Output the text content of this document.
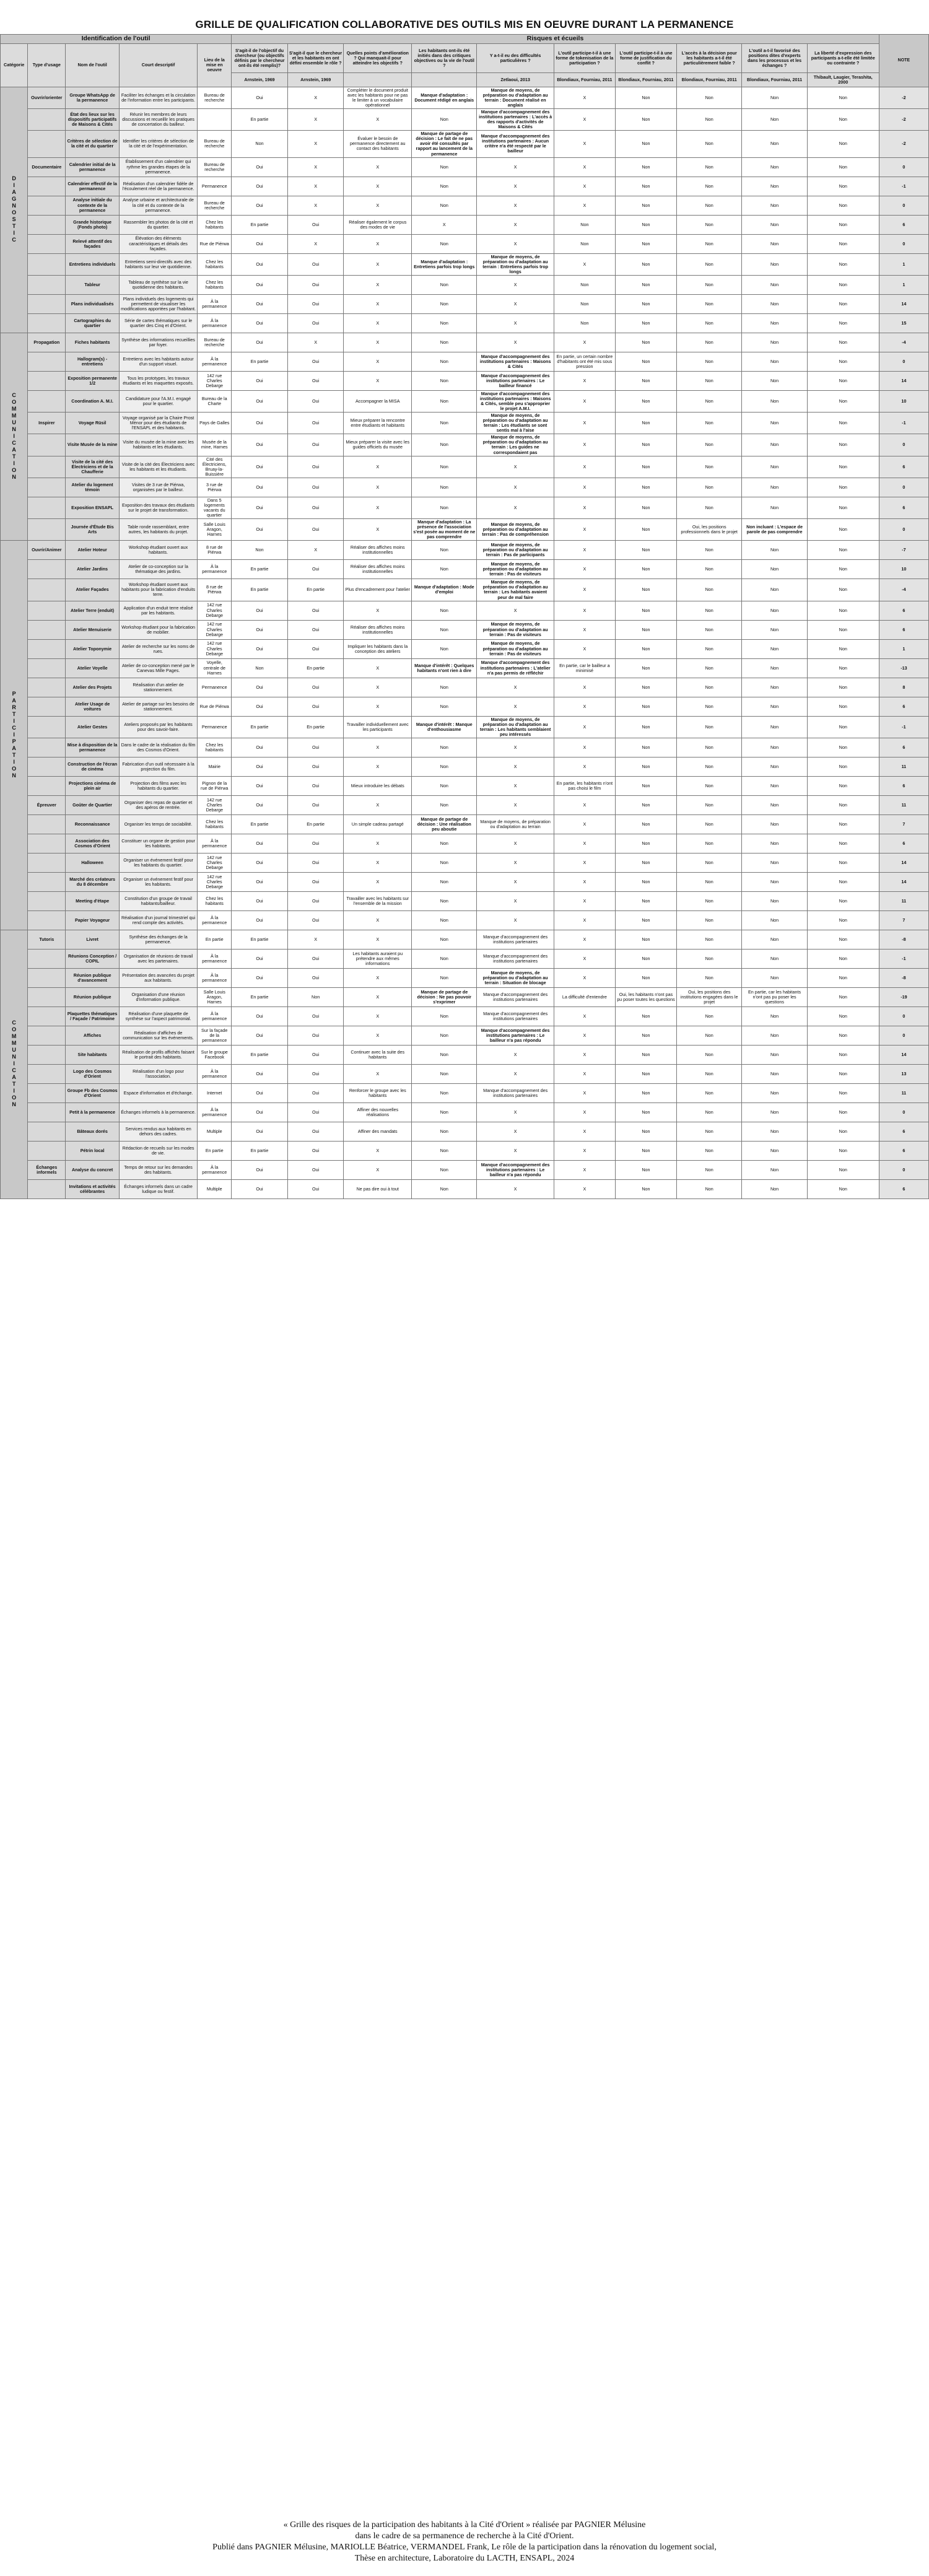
GRILLE DE QUALIFICATION COLLABORATIVE DES OUTILS MIS EN OEUVRE DURANT LA PERMANENCE
Identification de l'outil					Risques et écueils										NOTE
Catégorie	Type d'usage	Nom de l'outil	Court descriptif	Lieu de la mise en oeuvre	S'agit-il de l'objectif du chercheur (ou objectifs définis par le chercheur ont-ils été remplis)?	S'agit-il que le chercheur et les habitants en ont défini ensemble le rôle ?	Quelles points d'amélioration ? Qui manquait-il pour atteindre les objectifs ?	Les habitants ont-ils été initiés dans des critiques objectives ou la vie de l'outil ?	Y a-t-il eu des difficultés particulières ?	L'outil participe-t-il à une forme de tokenisation de la participation ?	L'outil participe-t-il à une forme de justification du conflit ?	L'accès à la décision pour les habitants a-t-il été particulièrement faible ?	L'outil a-t-il favorisé des positions dites d'experts dans les processus et les échanges ?	La liberté d'expression des participants a-t-elle été limitée ou contrainte ?	
					Arnstein, 1969	Arnstein, 1969			Zetlaoui, 2013	Blondiaux, Fourniau, 2011	Blondiaux, Fourniau, 2011	Blondiaux, Fourniau, 2011	Blondiaux, Fourniau, 2011	Thibault, Laugier, Terashita, 2000	
DIAGNOSTIC	Ouvrir/orienter	Groupe WhatsApp de la permanence	Faciliter les échanges et la circulation de l'information entre les participants.	Bureau de recherche	Oui	X	Compléter le document produit avec les habitants pour ne pas le limiter à un vocabulaire opérationnel	Manque d'adaptation : Document rédigé en anglais	Manque de moyens, de préparation ou d'adaptation au terrain : Document réalisé en anglais	X	Non	Non	Non	Non	-2
		État des lieux sur les dispositifs participatifs de Maisons & Cités	Réunir les membres de leurs discussions et recueillir les pratiques de concertation du bailleur.		En partie	X	X	Non	Manque d'accompagnement des institutions partenaires : L'accès à des rapports d'activités de Maisons & Cités	X	Non	Non	Non	Non	-2
		Critères de sélection de la cité et du quartier	Identifier les critères de sélection de la cité et de l'expérimentation.	Bureau de recherche	Non	X	Évaluer le besoin de permanence directement au contact des habitants	Manque de partage de décision : Le fait de ne pas avoir été consultés par rapport au lancement de la permanence	Manque d'accompagnement des institutions partenaires : Aucun critère n'a été respecté par le bailleur	X	Non	Non	Non	Non	-2
	Documentaire	Calendrier initial de la permanence	Établissement d'un calendrier qui rythme les grandes étapes de la permanence.	Bureau de recherche	Oui	X	X	Non	X	X	Non	Non	Non	Non	0
		Calendrier effectif de la permanence	Réalisation d'un calendrier fidèle de l'écoulement réel de la permanence.	Permanence	Oui	X	X	Non	X	X	Non	Non	Non	Non	-1
		Analyse initiale du contexte de la permanence	Analyse urbaine et architecturale de la cité et du contexte de la permanence.	Bureau de recherche	Oui	X	X	Non	X	X	Non	Non	Non	Non	0
		Grande historique (Fonds photo)	Rassembler les photos de la cité et du quartier.	Chez les habitants	En partie	Oui	Réaliser également le corpus des modes de vie	X	X	Non	Non	Non	Non	Non	6
		Relevé attentif des façades	Élévation des éléments caractéristiques et détails des façades.	Rue de Piérwa	Oui	X	X	Non	X	Non	Non	Non	Non	Non	0
		Entretiens individuels	Entretiens semi-directifs avec des habitants sur leur vie quotidienne.	Chez les habitants	Oui	Oui	X	Manque d'adaptation : Entretiens parfois trop longs	Manque de moyens, de préparation ou d'adaptation au terrain : Entretiens parfois trop longs	X	Non	Non	Non	Non	1
		Tableur	Tableau de synthèse sur la vie quotidienne des habitants.	Chez les habitants	Oui	Oui	X	Non	X	Non	Non	Non	Non	Non	1
		Plans individualisés	Plans individuels des logements qui permettent de visualiser les modifications apportées par l'habitant.	À la permanence	Oui	Oui	X	Non	X	Non	Non	Non	Non	Non	14
		Cartographies du quartier	Série de cartes thématiques sur le quartier des Cinq et d'Orient.	À la permanence	Oui	Oui	X	Non	X	Non	Non	Non	Non	Non	15
COMMUNICATION	Propagation	Fiches habitants	Synthèse des informations recueillies par foyer.	Bureau de recherche	Oui	X	X	Non	X	X	Non	Non	Non	Non	-4
		Hallogram(s) - entretiens	Entretiens avec les habitants autour d'un support visuel.	À la permanence	En partie	Oui	X	Non	Manque d'accompagnement des institutions partenaires : Maisons & Cités	En partie, un certain nombre d'habitants ont été mis sous pression	Non	Non	Non	Non	0
		Exposition permanente 1/2	Tous les prototypes, les travaux étudiants et les maquettes exposés.	142 rue Charles Debarge	Oui	Oui	X	Non	Manque d'accompagnement des institutions partenaires : Le bailleur financé	X	Non	Non	Non	Non	14
		Coordination A. M.I.	Candidature pour l'A.M.I. engagé pour le quartier.	Bureau de la Charte	Oui	Oui	Accompagner la MISA	Non	Manque d'accompagnement des institutions partenaires : Maisons & Cités, semble peu s'approprier le projet A.M.I.	X	Non	Non	Non	Non	10
	Inspirer	Voyage Rüsil	Voyage organisé par la Chaire Prost Ménor pour des étudiants de l'ENSAPL et des habitants.	Pays de Galles	Oui	Oui	Mieux préparer la rencontre entre étudiants et habitants	Non	Manque de moyens, de préparation ou d'adaptation au terrain : Les étudiants se sont sentis mal à l'aise	X	Non	Non	Non	Non	-1
		Visite Musée de la mine	Visite du musée de la mine avec les habitants et les étudiants.	Musée de la mine, Harnes	Oui	Oui	Mieux préparer la visite avec les guides officiels du musée	Non	Manque de moyens, de préparation ou d'adaptation au terrain : Les guides ne correspondaient pas	X	Non	Non	Non	Non	0
		Visite de la cité des Électriciens et de la Chaufferie	Visite de la cité des Électriciens avec les habitants et les étudiants.	Cité des Électriciens, Bruay-la-Buissière	Oui	Oui	X	Non	X	X	Non	Non	Non	Non	6
		Atelier du logement témoin	Visites de 3 rue de Piérwa, organisées par le bailleur.	3 rue de Piérwa	Oui	Oui	X	Non	X	X	Non	Non	Non	Non	0
		Exposition ENSAPL	Exposition des travaux des étudiants sur le projet de transformation.	Dans 5 logements vacants du quartier	Oui	Oui	X	Non	X	X	Non	Non	Non	Non	6
		Journée d'Étude Bis Arts	Table ronde rassemblant, entre autres, les habitants du projet.	Salle Louis Aragon, Harnes	Oui	Oui	X	Manque d'adaptation : La présence de l'association s'est posée au moment de ne pas comprendre	Manque de moyens, de préparation ou d'adaptation au terrain : Pas de compréhension	X	Non	Oui, les positions professionnels dans le projet	Non incluant : L'espace de parole de pas comprendre	Non	0
PARTICIPATION	Ouvrir/Animer	Atelier Hoteur	Workshop étudiant ouvert aux habitants.	8 rue de Piérwa	Non	X	Réaliser des affiches moins institutionnelles	Non	Manque de moyens, de préparation ou d'adaptation au terrain : Pas de participants	X	Non	Non	Non	Non	-7
		Atelier Jardins	Atelier de co-conception sur la thématique des jardins.	À la permanence	En partie	Oui	Réaliser des affiches moins institutionnelles	Non	Manque de moyens, de préparation ou d'adaptation au terrain : Pas de visiteurs	X	Non	Non	Non	Non	10
		Atelier Façades	Workshop étudiant ouvert aux habitants pour la fabrication d'enduits terre.	8 rue de Piérwa	En partie	En partie	Plus d'encadrement pour l'atelier	Manque d'adaptation : Mode d'emploi	Manque de moyens, de préparation ou d'adaptation au terrain : Les habitants avaient peur de mal faire	X	Non	Non	Non	Non	-4
		Atelier Terre (enduit)	Application d'un enduit terre réalisé par les habitants.	142 rue Charles Debarge	Oui	Oui	X	Non	X	X	Non	Non	Non	Non	6
		Atelier Menuiserie	Workshop étudiant pour la fabrication de mobilier.	142 rue Charles Debarge	Oui	Oui	Réaliser des affiches moins institutionnelles	Non	Manque de moyens, de préparation ou d'adaptation au terrain : Pas de visiteurs	X	Non	Non	Non	Non	6
		Atelier Toponymie	Atelier de recherche sur les noms de rues.	142 rue Charles Debarge	Oui	Oui	Impliquer les habitants dans la conception des ateliers	Non	Manque de moyens, de préparation ou d'adaptation au terrain : Pas de visiteurs	X	Non	Non	Non	Non	1
		Atelier Voyelle	Atelier de co-conception mené par le Canevas Mille Pages.	Voyelle, centrale de Harnes	Non	En partie	X	Manque d'intérêt : Quelques habitants n'ont rien à dire	Manque d'accompagnement des institutions partenaires : L'atelier n'a pas permis de réfléchir	En partie, car le bailleur a minimisé	Non	Non	Non	Non	-13
		Atelier des Projets	Réalisation d'un atelier de stationnement.	Permanence	Oui	Oui	X	Non	X	X	Non	Non	Non	Non	8
		Atelier Usage de voitures	Atelier de partage sur les besoins de stationnement.	Rue de Piérwa	Oui	Oui	X	Non	X	X	Non	Non	Non	Non	6
		Atelier Gestes	Ateliers proposés par les habitants pour des savoir-faire.	Permanence	En partie	En partie	Travailler individuellement avec les participants	Manque d'intérêt : Manque d'enthousiasme	Manque de moyens, de préparation ou d'adaptation au terrain : Les habitants semblaient peu intéressés	X	Non	Non	Non	Non	-1
		Mise à disposition de la permanence	Dans le cadre de la réalisation du film des Cosmos d'Orient.	Chez les habitants	Oui	Oui	X	Non	X	X	Non	Non	Non	Non	6
		Construction de l'écran de cinéma	Fabrication d'un outil nécessaire à la projection du film.	Mairie	Oui	Oui	X	Non	X	X	Non	Non	Non	Non	11
		Projections cinéma de plein air	Projection des films avec les habitants du quartier.	Pignon de la rue de Piérwa	Oui	Oui	Mieux introduire les débats	Non	X	En partie, les habitants n'ont pas choisi le film	Non	Non	Non	Non	6
	Épreuver	Goûter de Quartier	Organiser des repas de quartier et des apéros de rentrée.	142 rue Charles Debarge	Oui	Oui	X	Non	X	X	Non	Non	Non	Non	11
		Reconnaissance	Organiser les temps de sociabilité.	Chez les habitants	En partie	En partie	Un simple cadeau partagé	Manque de partage de décision : Une réalisation peu aboutie	Manque de moyens, de préparation ou d'adaptation au terrain	X	Non	Non	Non	Non	7
		Association des Cosmos d'Orient	Constituer un organe de gestion pour les habitants.	À la permanence	Oui	Oui	X	Non	X	X	Non	Non	Non	Non	6
		Halloween	Organiser un événement festif pour les habitants du quartier.	142 rue Charles Debarge	Oui	Oui	X	Non	X	X	Non	Non	Non	Non	14
		Marché des créateurs du 8 décembre	Organiser un événement festif pour les habitants.	142 rue Charles Debarge	Oui	Oui	X	Non	X	X	Non	Non	Non	Non	14
		Meeting d'étape	Constitution d'un groupe de travail habitants/bailleur.	Chez les habitants	Oui	Oui	Travailler avec les habitants sur l'ensemble de la mission	Non	X	X	Non	Non	Non	Non	11
		Papier Voyageur	Réalisation d'un journal trimestriel qui rend compte des activités.	À la permanence	Oui	Oui	X	Non	X	X	Non	Non	Non	Non	7
COMMUNICATION	Tutoris	Livret	Synthèse des échanges de la permanence.	En partie	En partie	X	X	Non	Manque d'accompagnement des institutions partenaires	X	Non	Non	Non	Non	-8
		Réunions Conception / COPIL	Organisation de réunions de travail avec les partenaires.	À la permanence	Oui	Oui	Les habitants auraient pu prétendre aux mêmes informations	Non	Manque d'accompagnement des institutions partenaires	X	Non	Non	Non	Non	-1
		Réunion publique d'avancement	Présentation des avancées du projet aux habitants.	À la permanence	Oui	Oui	X	Non	Manque de moyens, de préparation ou d'adaptation au terrain : Situation de blocage	X	Non	Non	Non	Non	-8
		Réunion publique	Organisation d'une réunion d'information publique.	Salle Louis Aragon, Harnes	En partie	Non	X	Manque de partage de décision : Ne pas pouvoir s'exprimer	Manque d'accompagnement des institutions partenaires	La difficulté d'entendre	Oui, les habitants n'ont pas pu poser toutes les questions	Oui, les positions des institutions engagées dans le projet	En partie, car les habitants n'ont pas pu poser les questions	Non	-19
		Plaquettes thématiques / Façade / Patrimoine	Réalisation d'une plaquette de synthèse sur l'aspect patrimonial.	À la permanence	Oui	Oui	X	Non	Manque d'accompagnement des institutions partenaires	X	Non	Non	Non	Non	0
		Affiches	Réalisation d'affiches de communication sur les événements.	Sur la façade de la permanence	Oui	Oui	X	Non	Manque d'accompagnement des institutions partenaires : Le bailleur n'a pas répondu	X	Non	Non	Non	Non	0
		Site habitants	Réalisation de profils affichés faisant le portrait des habitants.	Sur le groupe Facebook	En partie	Oui	Continuer avec la suite des habitants	Non	X	X	Non	Non	Non	Non	14
		Logo des Cosmos d'Orient	Réalisation d'un logo pour l'association.	À la permanence	Oui	Oui	X	Non	X	X	Non	Non	Non	Non	13
		Groupe Fb des Cosmos d'Orient	Espace d'information et d'échange.	Internet	Oui	Oui	Renforcer le groupe avec les habitants	Non	Manque d'accompagnement des institutions partenaires	X	Non	Non	Non	Non	11
		Petit à la permanence	Échanges informels à la permanence.	À la permanence	Oui	Oui	Affiner des nouvelles réalisations	Non	X	X	Non	Non	Non	Non	0
		Bâteaux dorés	Services rendus aux habitants en dehors des cadres.	Multiple	Oui	Oui	Affiner des mandats	Non	X	X	Non	Non	Non	Non	6
		Pétrin local	Rédaction de recueils sur les modes de vie.	En partie	En partie	Oui	X	Non	X	X	Non	Non	Non	Non	6
	Échanges informels	Analyse du concret	Temps de retour sur les demandes des habitants.	À la permanence	Oui	Oui	X	Non	Manque d'accompagnement des institutions partenaires : Le bailleur n'a pas répondu	X	Non	Non	Non	Non	0
		Invitations et activités célébrantes	Échanges informels dans un cadre ludique ou festif.	Multiple	Oui	Oui	Ne pas dire oui à tout	Non	X	X	Non	Non	Non	Non	6
« Grille des risques de la participation des habitants à la Cité d'Orient » réalisée par PAGNIER Mélusine
dans le cadre de sa permanence de recherche à la Cité d'Orient.
Publié dans PAGNIER Mélusine, MARIOLLE Béatrice, VERMANDEL Frank, Le rôle de la participation dans la rénovation du logement social,
Thèse en architecture, Laboratoire du LACTH, ENSAPL, 2024
